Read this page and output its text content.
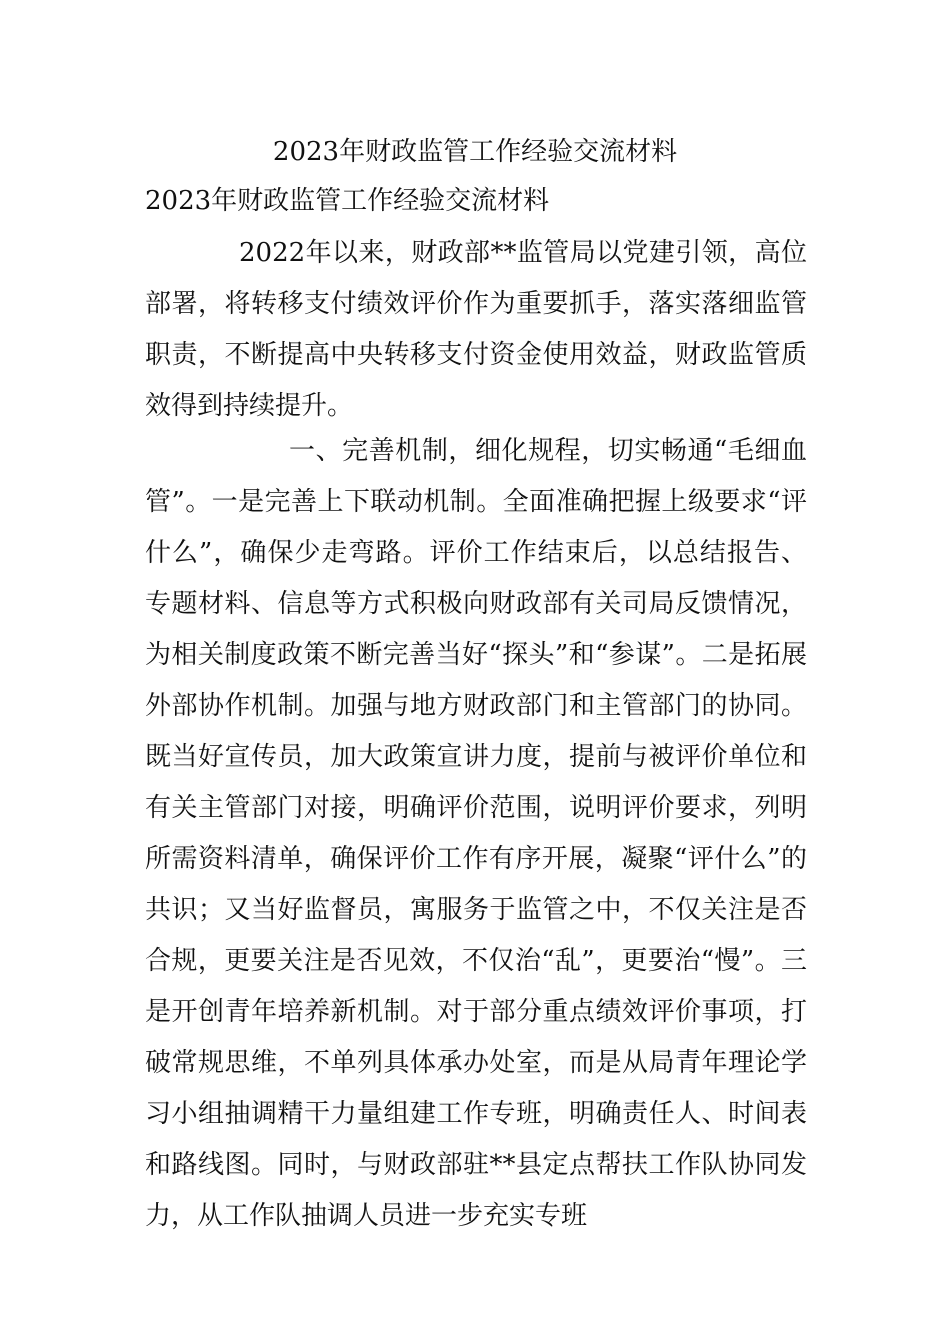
2023年财政监管工作经验交流材料
2023年财政监管工作经验交流材料

2022年以来，财政部**监管局以党建引领，高位部署，将转移支付绩效评价作为重要抓手，落实落细监管职责，不断提高中央转移支付资金使用效益，财政监管质效得到持续提升。

一、完善机制，细化规程，切实畅通“毛细血管”。一是完善上下联动机制。全面准确把握上级要求“评什么”，确保少走弯路。评价工作结束后，以总结报告、专题材料、信息等方式积极向财政部有关司局反馈情况，为相关制度政策不断完善当好“探头”和“参谋”。二是拓展外部协作机制。加强与地方财政部门和主管部门的协同。既当好宣传员，加大政策宣讲力度，提前与被评价单位和有关主管部门对接，明确评价范围，说明评价要求，列明所需资料清单，确保评价工作有序开展，凝聚“评什么”的共识；又当好监督员，寓服务于监管之中，不仅关注是否合规，更要关注是否见效，不仅治“乱”，更要治“慢”。三是开创青年培养新机制。对于部分重点绩效评价事项，打破常规思维，不单列具体承办处室，而是从局青年理论学习小组抽调精干力量组建工作专班，明确责任人、时间表和路线图。同时，与财政部驻**县定点帮扶工作队协同发力，从工作队抽调人员进一步充实专班
